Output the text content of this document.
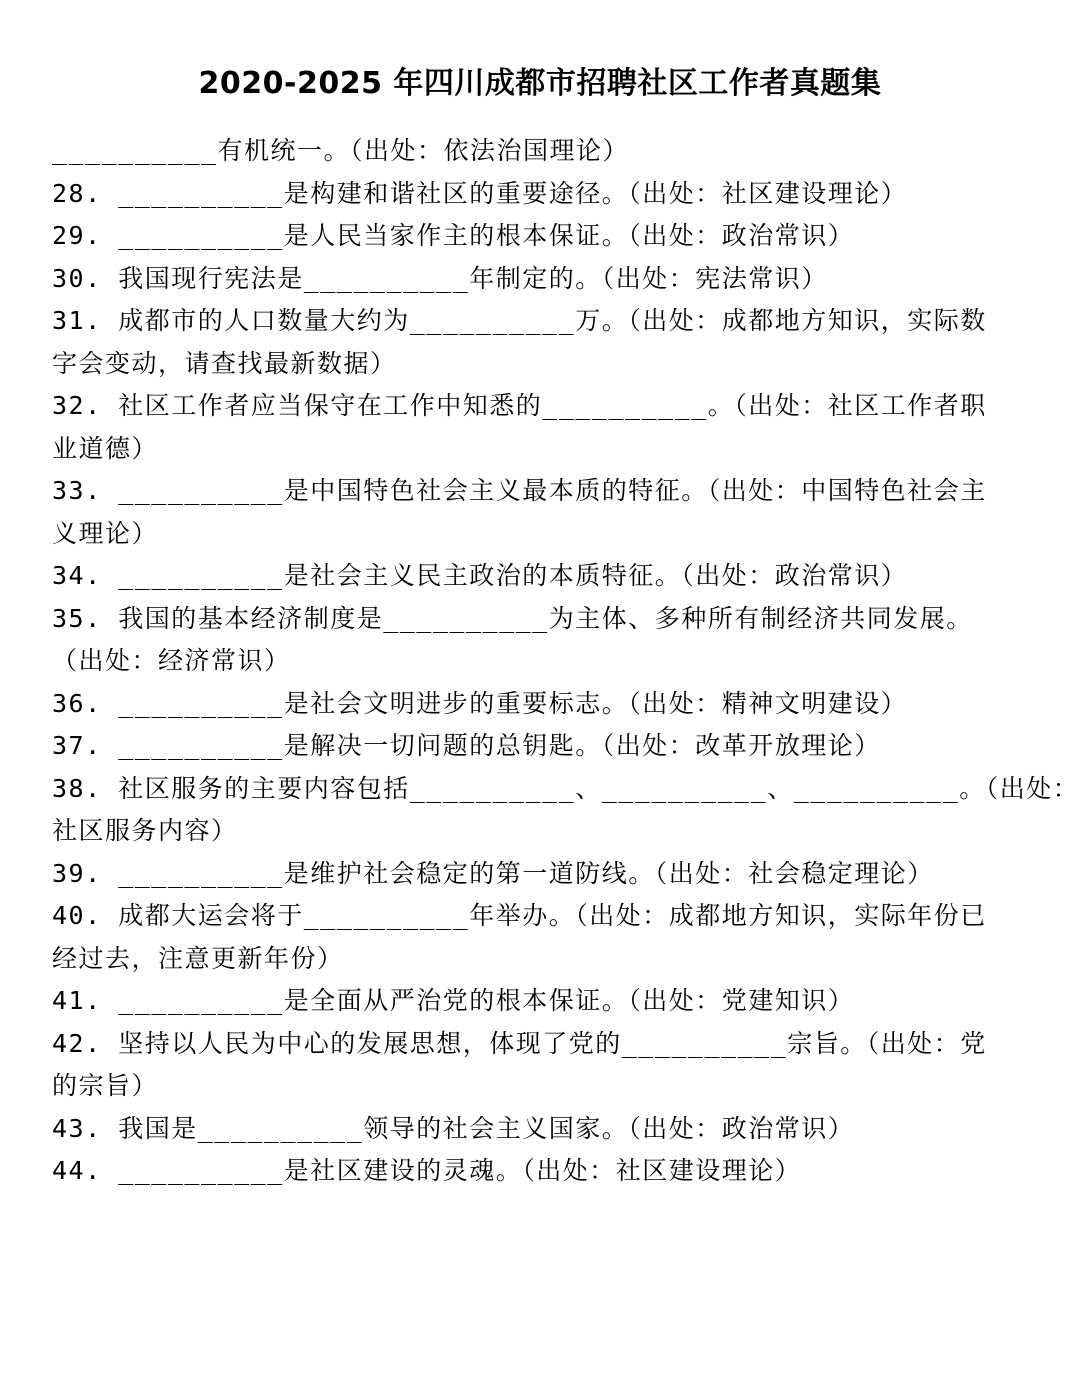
2020-2025 年四川成都市招聘社区工作者真题集
__________有机统一。（出处：依法治国理论）
28. __________是构建和谐社区的重要途径。（出处：社区建设理论）
29. __________是人民当家作主的根本保证。（出处：政治常识）
30. 我国现行宪法是__________年制定的。（出处：宪法常识）
31. 成都市的人口数量大约为__________万。（出处：成都地方知识，实际数
字会变动，请查找最新数据）
32. 社区工作者应当保守在工作中知悉的__________。（出处：社区工作者职
业道德）
33. __________是中国特色社会主义最本质的特征。（出处：中国特色社会主
义理论）
34. __________是社会主义民主政治的本质特征。（出处：政治常识）
35. 我国的基本经济制度是__________为主体、多种所有制经济共同发展。
（出处：经济常识）
36. __________是社会文明进步的重要标志。（出处：精神文明建设）
37. __________是解决一切问题的总钥匙。（出处：改革开放理论）
38. 社区服务的主要内容包括__________、__________、__________。（出处：
社区服务内容）
39. __________是维护社会稳定的第一道防线。（出处：社会稳定理论）
40. 成都大运会将于__________年举办。（出处：成都地方知识，实际年份已
经过去，注意更新年份）
41. __________是全面从严治党的根本保证。（出处：党建知识）
42. 坚持以人民为中心的发展思想，体现了党的__________宗旨。（出处：党
的宗旨）
43. 我国是__________领导的社会主义国家。（出处：政治常识）
44. __________是社区建设的灵魂。（出处：社区建设理论）
